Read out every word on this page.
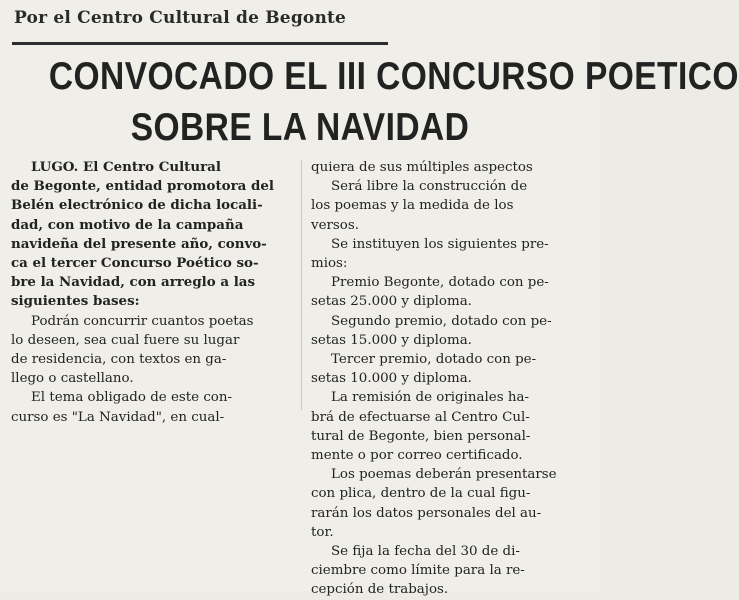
Por el Centro Cultural de Begonte
CONVOCADO EL III CONCURSO POETICO
SOBRE LA NAVIDAD
LUGO. El Centro Cultural
de Begonte, entidad promotora del
Belén electrónico de dicha locali-
dad, con motivo de la campaña
navideña del presente año, convo-
ca el tercer Concurso Poético so-
bre la Navidad, con arreglo a las
siguientes bases:
Podrán concurrir cuantos poetas
lo deseen, sea cual fuere su lugar
de residencia, con textos en ga-
llego o castellano.
El tema obligado de este con-
curso es "La Navidad", en cual-
quiera de sus múltiples aspectos
Será libre la construcción de
los poemas y la medida de los
versos.
Se instituyen los siguientes pre-
mios:
Premio Begonte, dotado con pe-
setas 25.000 y diploma.
Segundo premio, dotado con pe-
setas 15.000 y diploma.
Tercer premio, dotado con pe-
setas 10.000 y diploma.
La remisión de originales ha-
brá de efectuarse al Centro Cul-
tural de Begonte, bien personal-
mente o por correo certificado.
Los poemas deberán presentarse
con plica, dentro de la cual figu-
rarán los datos personales del au-
tor.
Se fija la fecha del 30 de di-
ciembre como límite para la re-
cepción de trabajos.
